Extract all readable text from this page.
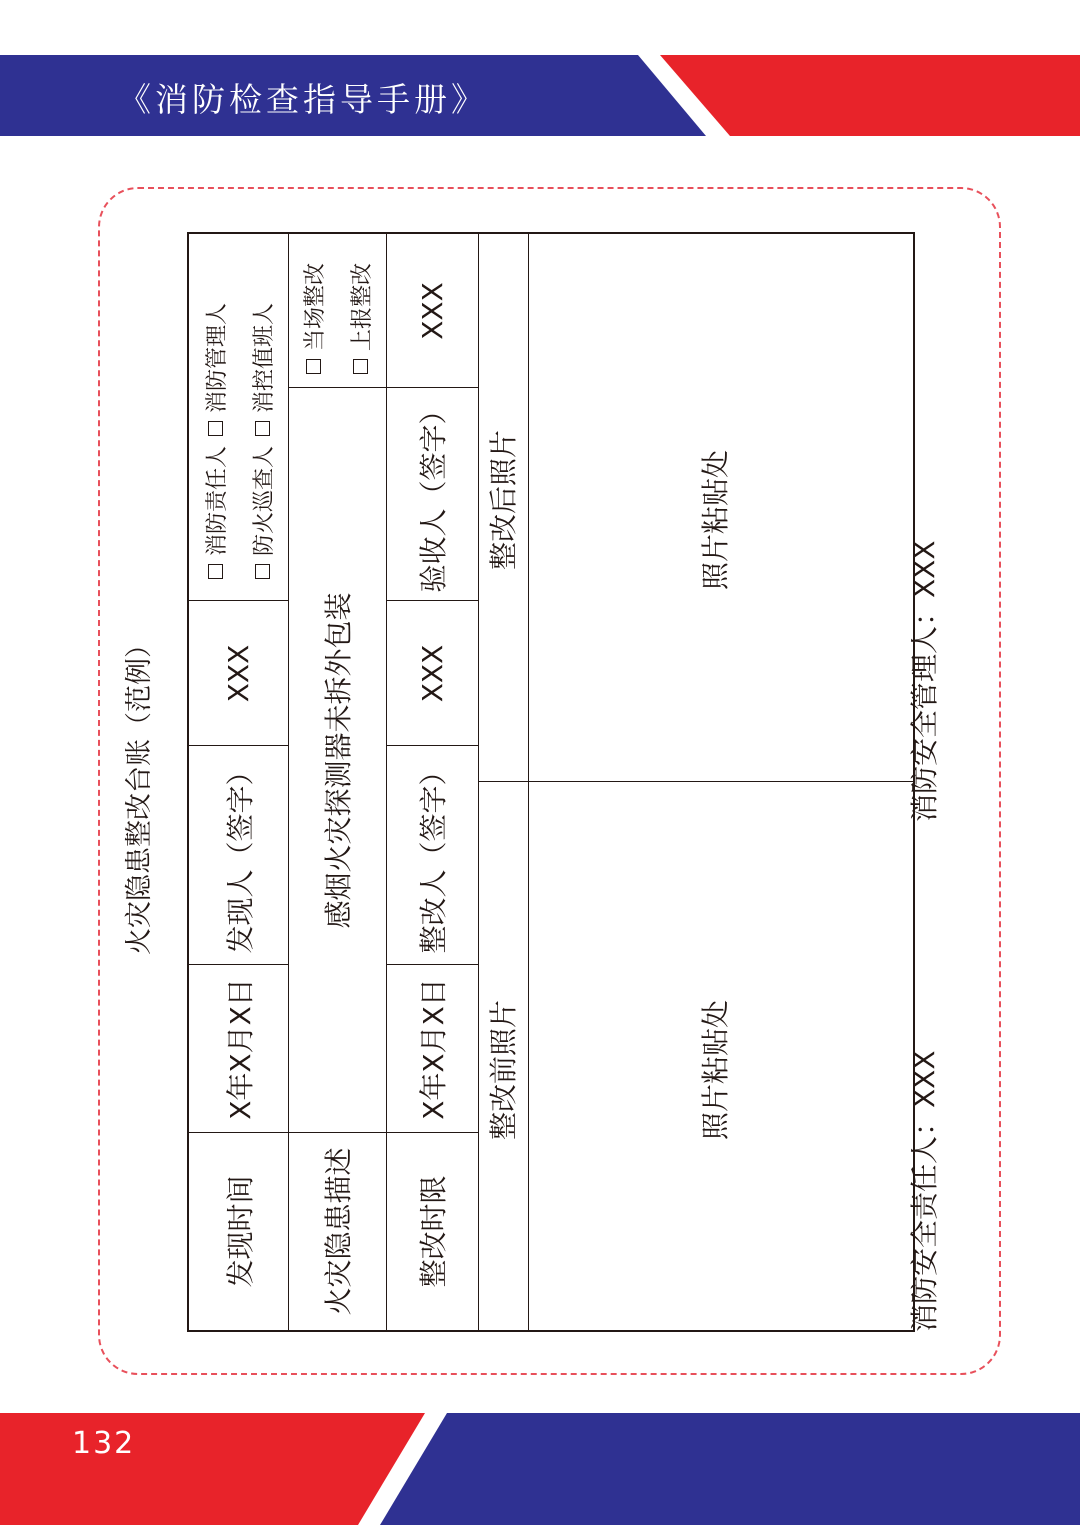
《消防检查指导手册》
火灾隐患整改台账（范例）
发现时间
X年X月X日
发现人（签字）
XXX
消防责任人
消防管理人
防火巡查人
消控值班人
火灾隐患描述
感烟火灾探测器未拆外包装
当场整改 上报整改
整改时限
X年X月X日
整改人（签字）
XXX
验收人（签字）
XXX
整改前照片
整改后照片
照片粘贴处
照片粘贴处
消防安全责任人：XXX
消防安全管理人：XXX
